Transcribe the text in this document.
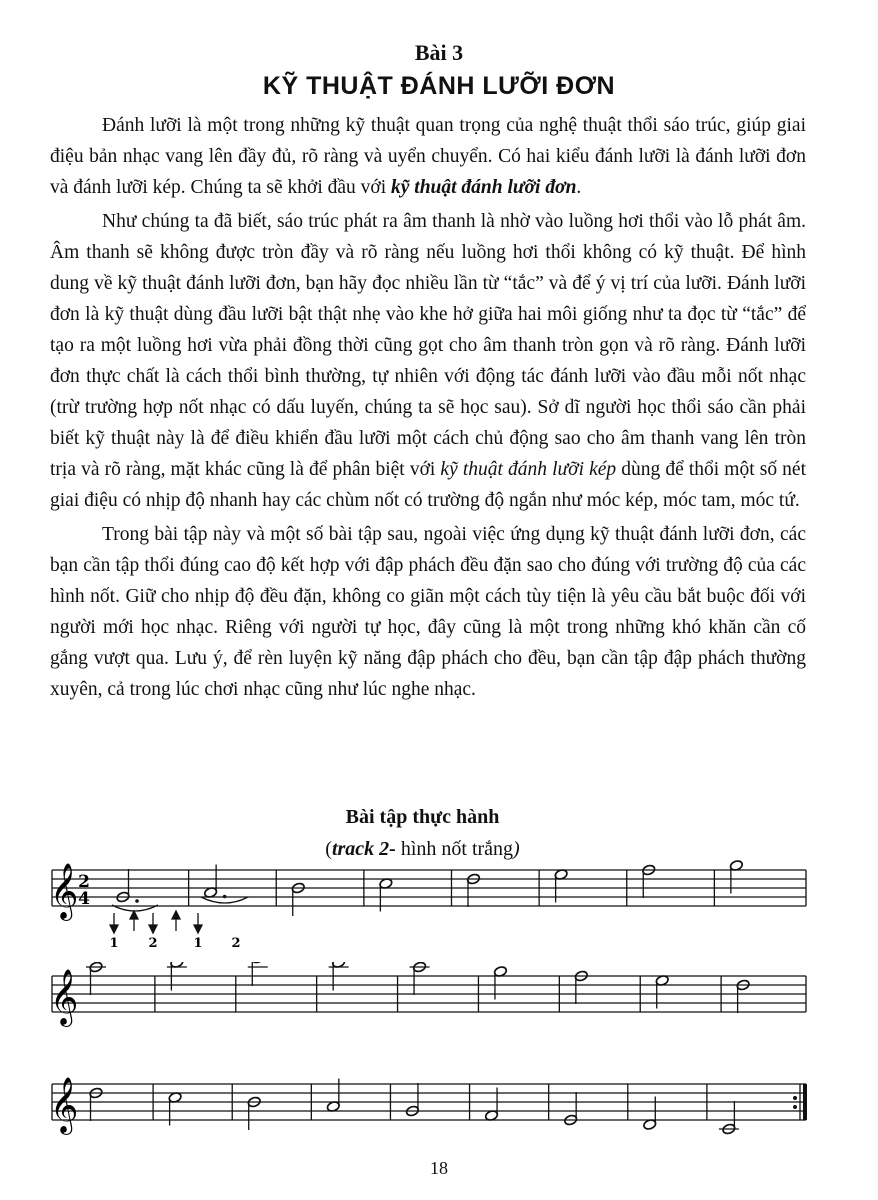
Bài 3
KỸ THUẬT ĐÁNH LƯỠI ĐƠN

Đánh lưỡi là một trong những kỹ thuật quan trọng của nghệ thuật thổi sáo trúc, giúp giai điệu bản nhạc vang lên đầy đủ, rõ ràng và uyển chuyển. Có hai kiểu đánh lưỡi là đánh lưỡi đơn và đánh lưỡi kép. Chúng ta sẽ khởi đầu với kỹ thuật đánh lưỡi đơn.

Như chúng ta đã biết, sáo trúc phát ra âm thanh là nhờ vào luồng hơi thổi vào lỗ phát âm. Âm thanh sẽ không được tròn đầy và rõ ràng nếu luồng hơi thổi không có kỹ thuật. Để hình dung về kỹ thuật đánh lưỡi đơn, bạn hãy đọc nhiều lần từ “tắc” và để ý vị trí của lưỡi. Đánh lưỡi đơn là kỹ thuật dùng đầu lưỡi bật thật nhẹ vào khe hở giữa hai môi giống như ta đọc từ “tắc” để tạo ra một luồng hơi vừa phải đồng thời cũng gọt cho âm thanh tròn gọn và rõ ràng. Đánh lưỡi đơn thực chất là cách thổi bình thường, tự nhiên với động tác đánh lưỡi vào đầu mỗi nốt nhạc (trừ trường hợp nốt nhạc có dấu luyến, chúng ta sẽ học sau). Sở dĩ người học thổi sáo cần phải biết kỹ thuật này là để điều khiển đầu lưỡi một cách chủ động sao cho âm thanh vang lên tròn trịa và rõ ràng, mặt khác cũng là để phân biệt với kỹ thuật đánh lưỡi kép dùng để thổi một số nét giai điệu có nhịp độ nhanh hay các chùm nốt có trường độ ngắn như móc kép, móc tam, móc tứ.

Trong bài tập này và một số bài tập sau, ngoài việc ứng dụng kỹ thuật đánh lưỡi đơn, các bạn cần tập thổi đúng cao độ kết hợp với đập phách đều đặn sao cho đúng với trường độ của các hình nốt. Giữ cho nhịp độ đều đặn, không co giãn một cách tùy tiện là yêu cầu bắt buộc đối với người mới học nhạc. Riêng với người tự học, đây cũng là một trong những khó khăn cần cố gắng vượt qua. Lưu ý, để rèn luyện kỹ năng đập phách cho đều, bạn cần tập đập phách thường xuyên, cả trong lúc chơi nhạc cũng như lúc nghe nhạc.

Bài tập thực hành
(track 2- hình nốt trắng)
𝄞 2
4
1 2	1 2
𝄞
𝄞
18
